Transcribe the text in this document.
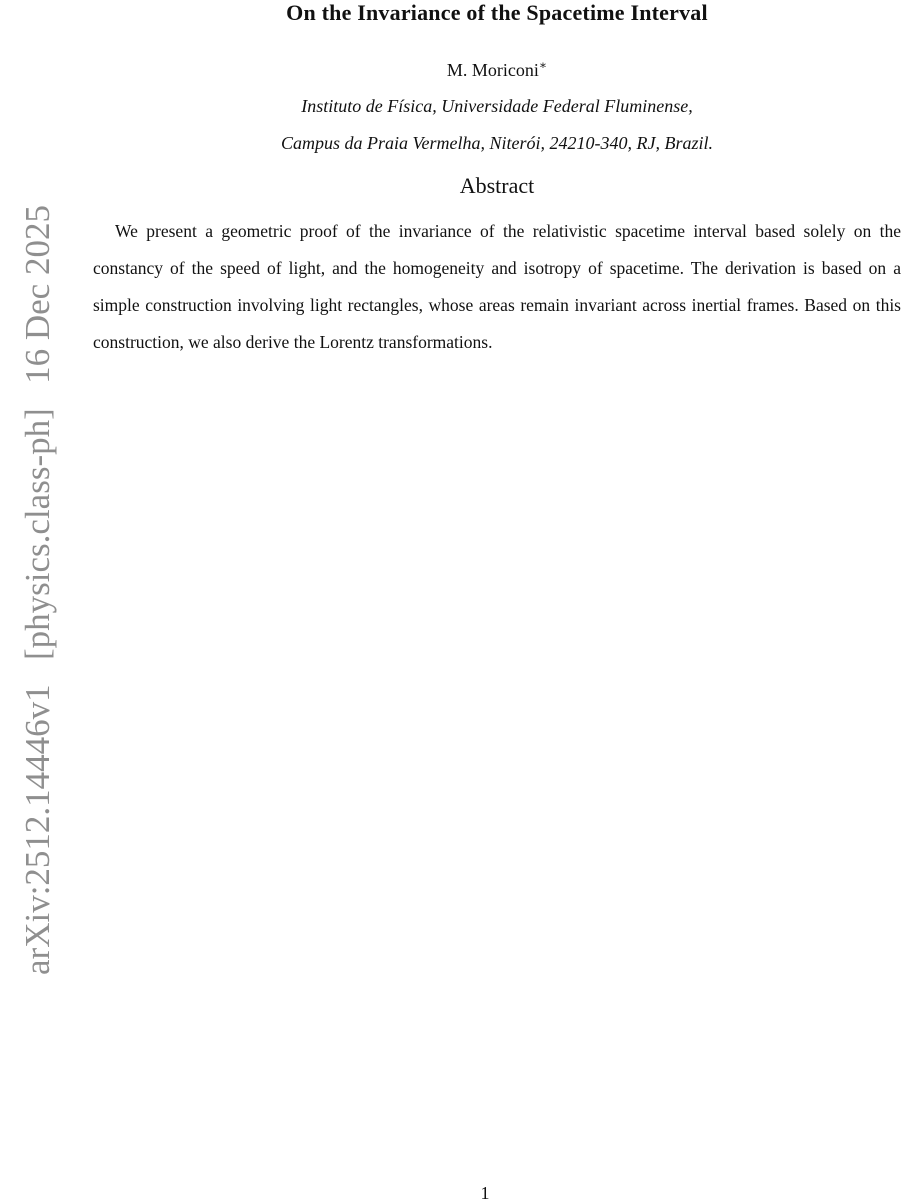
On the Invariance of the Spacetime Interval
M. Moriconi∗
Instituto de Física, Universidade Federal Fluminense,
Campus da Praia Vermelha, Niterói, 24210-340, RJ, Brazil.
Abstract
We present a geometric proof of the invariance of the relativistic spacetime interval based solely on the constancy of the speed of light, and the homogeneity and isotropy of spacetime. The derivation is based on a simple construction involving light rectangles, whose areas remain invariant across inertial frames. Based on this construction, we also derive the Lorentz transformations.
arXiv:2512.14446v1
[physics.class-ph]
16 Dec 2025
1
